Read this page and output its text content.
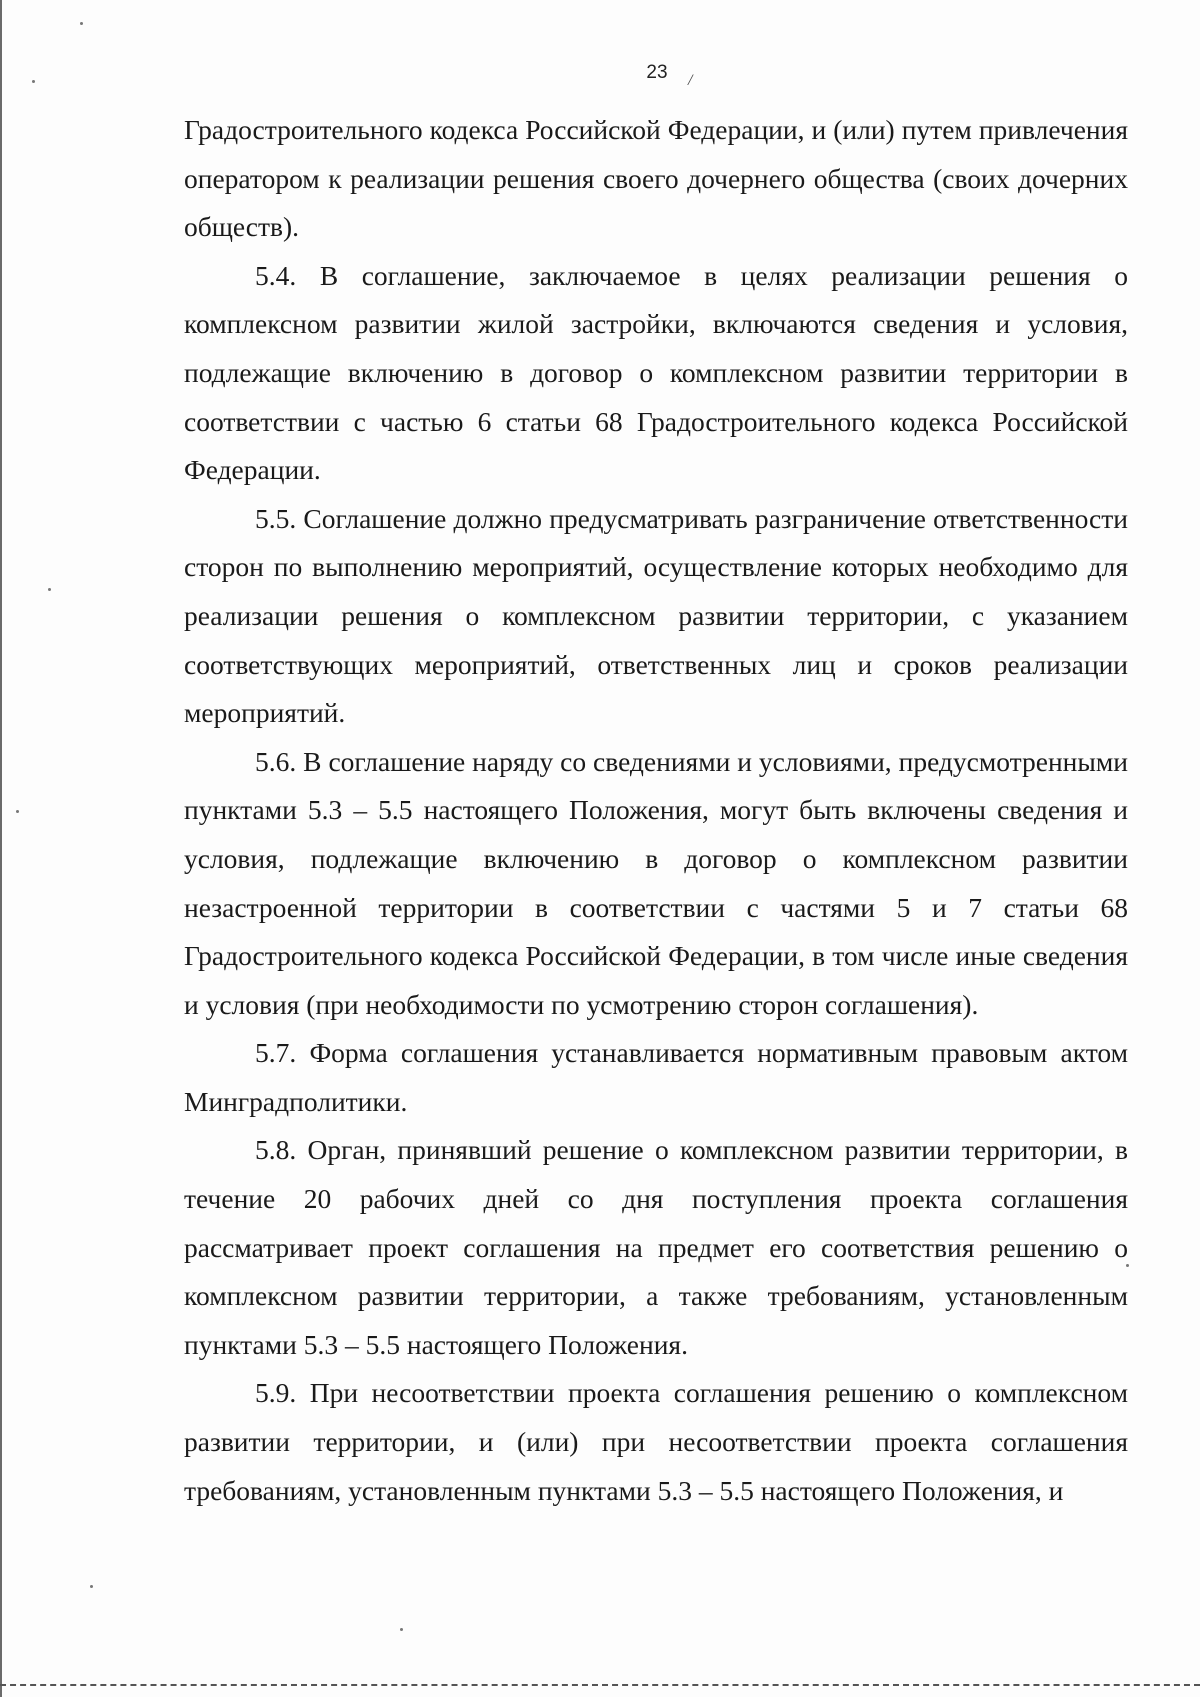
23	/

Градостроительного кодекса Российской Федерации, и (или) путем привлечения оператором к реализации решения своего дочернего общества (своих дочерних обществ).

5.4. В соглашение, заключаемое в целях реализации решения о комплексном развитии жилой застройки, включаются сведения и условия, подлежащие включению в договор о комплексном развитии территории в соответствии с частью 6 статьи 68 Градостроительного кодекса Российской Федерации.

5.5. Соглашение должно предусматривать разграничение ответственности сторон по выполнению мероприятий, осуществление которых необходимо для реализации решения о комплексном развитии территории, с указанием соответствующих мероприятий, ответственных лиц и сроков реализации мероприятий.

5.6. В соглашение наряду со сведениями и условиями, предусмотренными пунктами 5.3 – 5.5 настоящего Положения, могут быть включены сведения и условия, подлежащие включению в договор о комплексном развитии незастроенной территории в соответствии с частями 5 и 7 статьи 68 Градостроительного кодекса Российской Федерации, в том числе иные сведения и условия (при необходимости по усмотрению сторон соглашения).

5.7. Форма соглашения устанавливается нормативным правовым актом Минградполитики.

5.8. Орган, принявший решение о комплексном развитии территории, в течение 20 рабочих дней со дня поступления проекта соглашения рассматривает проект соглашения на предмет его соответствия решению о комплексном развитии территории, а также требованиям, установленным пунктами 5.3 – 5.5 настоящего Положения.

5.9. При несоответствии проекта соглашения решению о комплексном развитии территории, и (или) при несоответствии проекта соглашения требованиям, установленным пунктами 5.3 – 5.5 настоящего Положения, и
